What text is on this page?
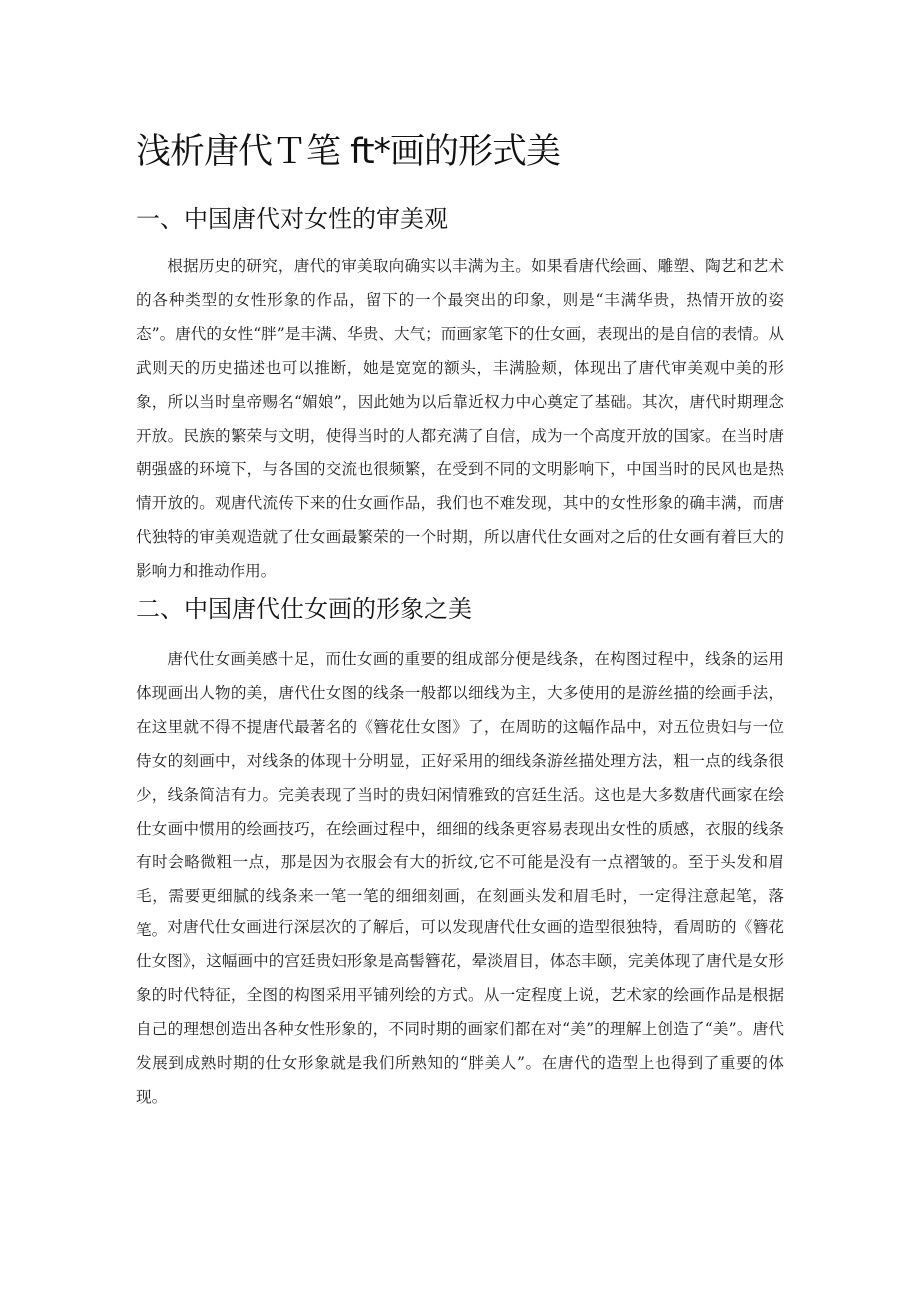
浅析唐代Ｔ笔 ft*画的形式美
一、中国唐代对女性的审美观

根据历史的研究，唐代的审美取向确实以丰满为主。如果看唐代绘画、雕塑、陶艺和艺术的各种类型的女性形象的作品，留下的一个最突出的印象，则是“丰满华贵，热情开放的姿态”。唐代的女性“胖”是丰满、华贵、大气；而画家笔下的仕女画，表现出的是自信的表情。从武则天的历史描述也可以推断，她是宽宽的额头，丰满脸颊，体现出了唐代审美观中美的形象，所以当时皇帝赐名“媚娘”，因此她为以后靠近权力中心奠定了基础。其次，唐代时期理念开放。民族的繁荣与文明，使得当时的人都充满了自信，成为一个高度开放的国家。在当时唐朝强盛的环境下，与各国的交流也很频繁，在受到不同的文明影响下，中国当时的民风也是热情开放的。观唐代流传下来的仕女画作品，我们也不难发现，其中的女性形象的确丰满，而唐代独特的审美观造就了仕女画最繁荣的一个时期，所以唐代仕女画对之后的仕女画有着巨大的影响力和推动作用。

二、中国唐代仕女画的形象之美

唐代仕女画美感十足，而仕女画的重要的组成部分便是线条，在构图过程中，线条的运用体现画出人物的美，唐代仕女图的线条一般都以细线为主，大多使用的是游丝描的绘画手法，在这里就不得不提唐代最著名的《簪花仕女图》了，在周昉的这幅作品中，对五位贵妇与一位侍女的刻画中，对线条的体现十分明显，正好采用的细线条游丝描处理方法，粗一点的线条很少，线条简洁有力。完美表现了当时的贵妇闲情雅致的宫廷生活。这也是大多数唐代画家在绘仕女画中惯用的绘画技巧，在绘画过程中，细细的线条更容易表现出女性的质感，衣服的线条有时会略微粗一点，那是因为衣服会有大的折纹,它不可能是没有一点褶皱的。至于头发和眉毛，需要更细腻的线条来一笔一笔的细细刻画，在刻画头发和眉毛时，一定得注意起笔，落笔。 对唐代仕女画进行深层次的了解后，可以发现唐代仕女画的造型很独特，看周昉的《簪花仕女图》，这幅画中的宫廷贵妇形象是高髻簪花，晕淡眉目，体态丰颐，完美体现了唐代是女形象的时代特征，全图的构图采用平铺列绘的方式。从一定程度上说，艺术家的绘画作品是根据自己的理想创造出各种女性形象的，不同时期的画家们都在对“美”的理解上创造了“美”。唐代发展到成熟时期的仕女形象就是我们所熟知的“胖美人”。在唐代的造型上也得到了重要的体现。
